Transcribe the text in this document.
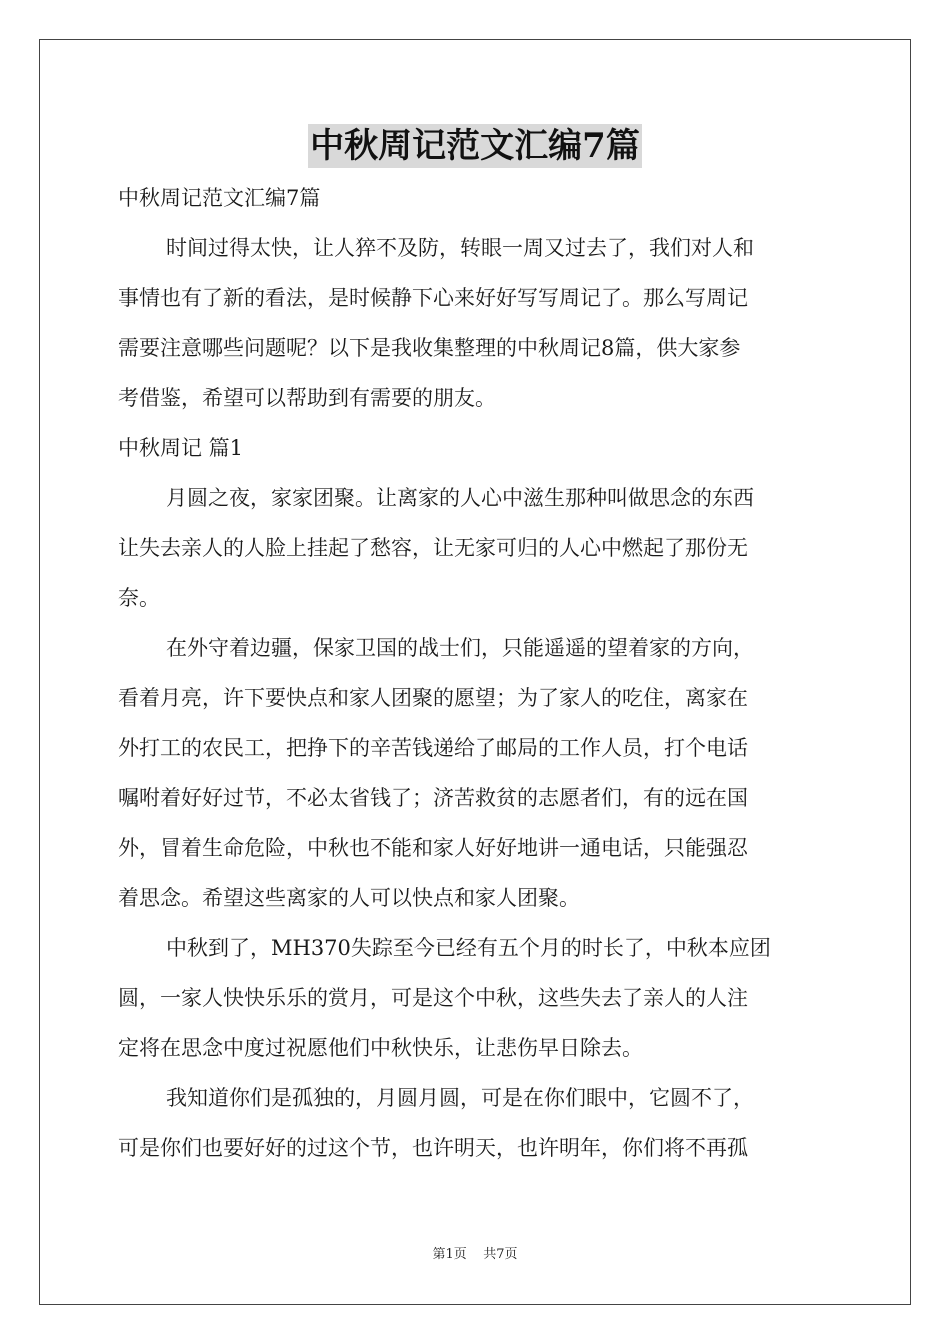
中秋周记范文汇编7篇
中秋周记范文汇编7篇
时间过得太快，让人猝不及防，转眼一周又过去了，我们对人和
事情也有了新的看法，是时候静下心来好好写写周记了。那么写周记
需要注意哪些问题呢？以下是我收集整理的中秋周记8篇，供大家参
考借鉴，希望可以帮助到有需要的朋友。
中秋周记 篇1
月圆之夜，家家团聚。让离家的人心中滋生那种叫做思念的东西
让失去亲人的人脸上挂起了愁容，让无家可归的人心中燃起了那份无
奈。
在外守着边疆，保家卫国的战士们，只能遥遥的望着家的方向，
看着月亮，许下要快点和家人团聚的愿望；为了家人的吃住，离家在
外打工的农民工，把挣下的辛苦钱递给了邮局的工作人员，打个电话
嘱咐着好好过节，不必太省钱了；济苦救贫的志愿者们，有的远在国
外，冒着生命危险，中秋也不能和家人好好地讲一通电话，只能强忍
着思念。希望这些离家的人可以快点和家人团聚。
中秋到了，MH370失踪至今已经有五个月的时长了，中秋本应团
圆，一家人快快乐乐的赏月，可是这个中秋，这些失去了亲人的人注
定将在思念中度过祝愿他们中秋快乐，让悲伤早日除去。
我知道你们是孤独的，月圆月圆，可是在你们眼中，它圆不了，
可是你们也要好好的过这个节，也许明天，也许明年，你们将不再孤
第1页 共7页
